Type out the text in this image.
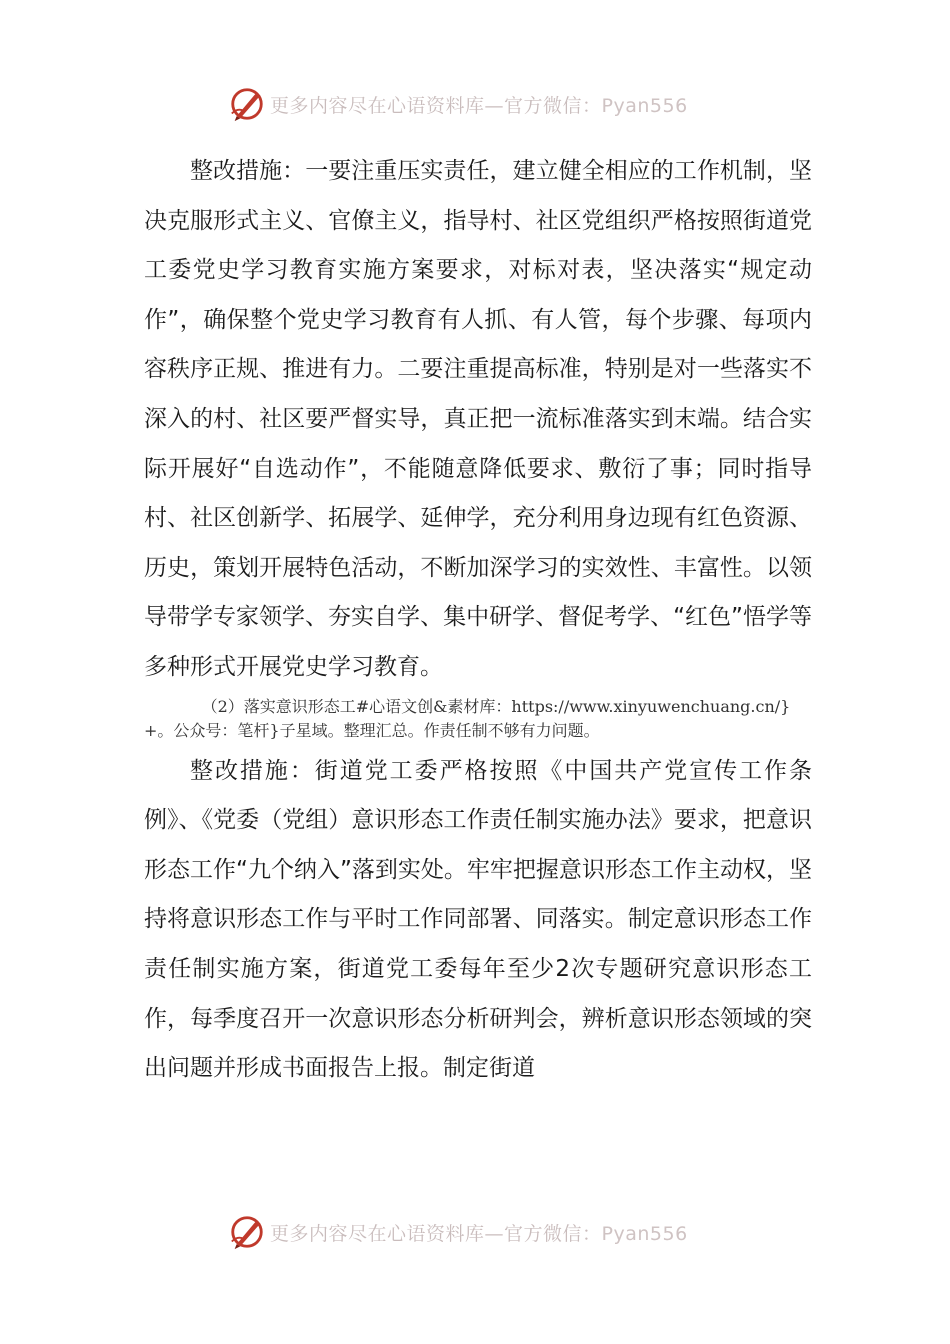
更多内容尽在心语资料库—官方微信：Pyan556

整改措施：一要注重压实责任，建立健全相应的工作机制，坚决克服形式主义、官僚主义，指导村、社区党组织严格按照街道党工委党史学习教育实施方案要求，对标对表，坚决落实“规定动作”，确保整个党史学习教育有人抓、有人管，每个步骤、每项内容秩序正规、推进有力。二要注重提高标准，特别是对一些落实不深入的村、社区要严督实导，真正把一流标准落实到末端。结合实际开展好“自选动作”，不能随意降低要求、敷衍了事；同时指导村、社区创新学、拓展学、延伸学，充分利用身边现有红色资源、历史，策划开展特色活动，不断加深学习的实效性、丰富性。以领导带学专家领学、夯实自学、集中研学、督促考学、“红色”悟学等多种形式开展党史学习教育。

（2）落实意识形态工#心语文创&素材库：https://www.xinyuwenchuang.cn/}+。公众号：笔杆}子星域。整理汇总。作责任制不够有力问题。

整改措施：街道党工委严格按照《中国共产党宣传工作条例》、《党委（党组）意识形态工作责任制实施办法》要求，把意识形态工作“九个纳入”落到实处。牢牢把握意识形态工作主动权，坚持将意识形态工作与平时工作同部署、同落实。制定意识形态工作责任制实施方案，街道党工委每年至少2次专题研究意识形态工作，每季度召开一次意识形态分析研判会，辨析意识形态领域的突出问题并形成书面报告上报。制定街道

更多内容尽在心语资料库—官方微信：Pyan556
